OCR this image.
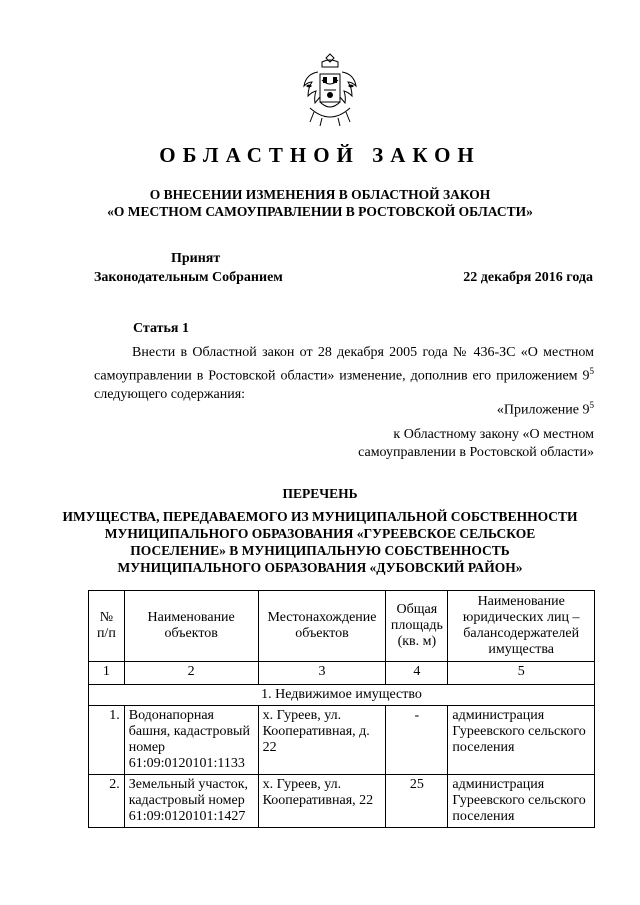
ОБЛАСТНОЙ ЗАКОН
О ВНЕСЕНИИ ИЗМЕНЕНИЯ В ОБЛАСТНОЙ ЗАКОН
«О МЕСТНОМ САМОУПРАВЛЕНИИ В РОСТОВСКОЙ ОБЛАСТИ»
Принят
Законодательным Собранием	22 декабря 2016 года
Статья 1
Внести в Областной закон от 28 декабря 2005 года № 436-ЗС «О местном самоуправлении в Ростовской области» изменение, дополнив его приложением $9^5$ следующего содержания:
«Приложение $9^5$
к Областному закону «О местном
самоуправлении в Ростовской области»
ПЕРЕЧЕНЬ
ИМУЩЕСТВА, ПЕРЕДАВАЕМОГО ИЗ МУНИЦИПАЛЬНОЙ СОБСТВЕННОСТИ
МУНИЦИПАЛЬНОГО ОБРАЗОВАНИЯ «ГУРЕЕВСКОЕ СЕЛЬСКОЕ
ПОСЕЛЕНИЕ» В МУНИЦИПАЛЬНУЮ СОБСТВЕННОСТЬ
МУНИЦИПАЛЬНОГО ОБРАЗОВАНИЯ «ДУБОВСКИЙ РАЙОН»
№ п/п	Наименование объектов	Местонахождение объектов	Общая площадь (кв. м)	Наименование юридических лиц – балансодержателей имущества
1	2	3	4	5
1. Недвижимое имущество				
1.	Водонапорная башня, кадастровый номер 61:09:0120101:1133	х. Гуреев, ул. Кооперативная, д. 22	-	администрация Гуреевского сельского поселения

2.	Земельный участок, кадастровый номер 61:09:0120101:1427	х. Гуреев, ул. Кооперативная, 22	25	администрация Гуреевского сельского поселения
